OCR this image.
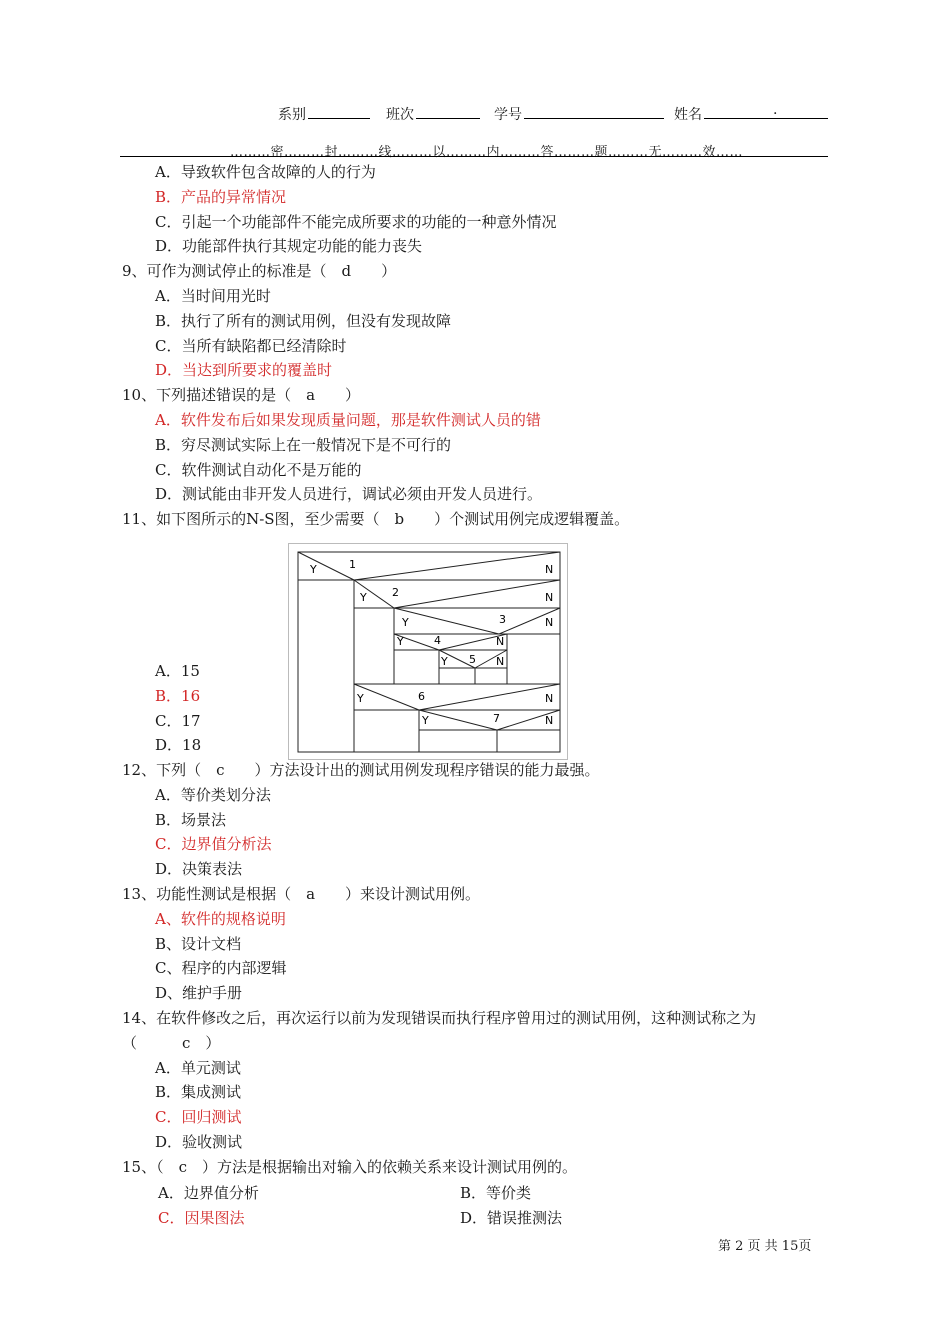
系别	班次	学号	姓名	.
………密………封………线………以………内………答………题………无………效……
A．导致软件包含故障的人的行为
B．产品的异常情况
C．引起一个功能部件不能完成所要求的功能的一种意外情况
D．功能部件执行其规定功能的能力丧失
9、可作为测试停止的标准是（　d　　）
A．当时间用光时
B．执行了所有的测试用例，但没有发现故障
C．当所有缺陷都已经清除时
D．当达到所要求的覆盖时
10、下列描述错误的是（　a　　）
A．软件发布后如果发现质量问题，那是软件测试人员的错
B．穷尽测试实际上在一般情况下是不可行的
C．软件测试自动化不是万能的
D．测试能由非开发人员进行，调试必须由开发人员进行。
11、如下图所示的N-S图，至少需要（　b　　）个测试用例完成逻辑覆盖。
Y	1	N
Y 2	N
Y	3	N
Y	4	N
Y 5 N
Y	6	N
Y	7	N
A．15
B．16
C．17
D．18
12、下列（　c　　）方法设计出的测试用例发现程序错误的能力最强。
A．等价类划分法
B．场景法
C．边界值分析法
D．决策表法
13、功能性测试是根据（　a　　）来设计测试用例。
A、软件的规格说明
B、设计文档
C、程序的内部逻辑
D、维护手册
14、在软件修改之后，再次运行以前为发现错误而执行程序曾用过的测试用例，这种测试称之为
（　　　c　）
A．单元测试
B．集成测试
C．回归测试
D．验收测试
15、（　c　）方法是根据输出对输入的依赖关系来设计测试用例的。
A．边界值分析	B．等价类
C．因果图法	D．错误推测法
第 2 页 共 15页
